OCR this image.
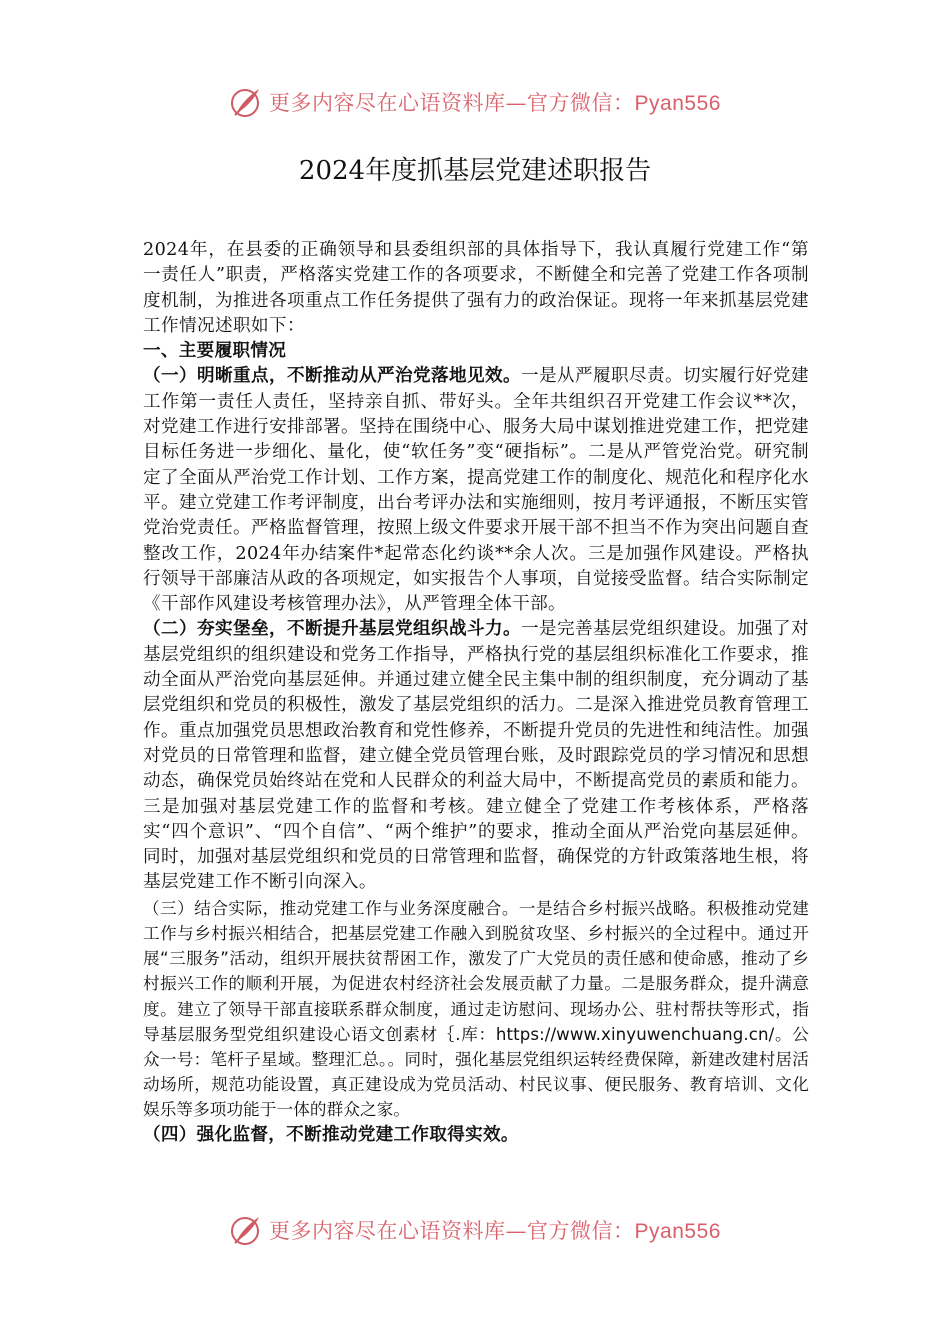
更多内容尽在心语资料库—官方微信：Pyan556
2024年度抓基层党建述职报告

2024年，在县委的正确领导和县委组织部的具体指导下，我认真履行党建工作“第一责任人”职责，严格落实党建工作的各项要求，不断健全和完善了党建工作各项制度机制，为推进各项重点工作任务提供了强有力的政治保证。现将一年来抓基层党建工作情况述职如下：

一、主要履职情况

（一）明晰重点，不断推动从严治党落地见效。一是从严履职尽责。切实履行好党建工作第一责任人责任，坚持亲自抓、带好头。全年共组织召开党建工作会议**次，对党建工作进行安排部署。坚持在围绕中心、服务大局中谋划推进党建工作，把党建目标任务进一步细化、量化，使“软任务”变“硬指标”。二是从严管党治党。研究制定了全面从严治党工作计划、工作方案，提高党建工作的制度化、规范化和程序化水平。建立党建工作考评制度，出台考评办法和实施细则，按月考评通报，不断压实管党治党责任。严格监督管理，按照上级文件要求开展干部不担当不作为突出问题自查整改工作，2024年办结案件*起常态化约谈**余人次。三是加强作风建设。严格执行领导干部廉洁从政的各项规定，如实报告个人事项，自觉接受监督。结合实际制定《干部作风建设考核管理办法》，从严管理全体干部。

（二）夯实堡垒，不断提升基层党组织战斗力。一是完善基层党组织建设。加强了对基层党组织的组织建设和党务工作指导，严格执行党的基层组织标准化工作要求，推动全面从严治党向基层延伸。并通过建立健全民主集中制的组织制度，充分调动了基层党组织和党员的积极性，激发了基层党组织的活力。二是深入推进党员教育管理工作。重点加强党员思想政治教育和党性修养，不断提升党员的先进性和纯洁性。加强对党员的日常管理和监督，建立健全党员管理台账，及时跟踪党员的学习情况和思想动态，确保党员始终站在党和人民群众的利益大局中，不断提高党员的素质和能力。三是加强对基层党建工作的监督和考核。建立健全了党建工作考核体系，严格落实“四个意识”、“四个自信”、“两个维护”的要求，推动全面从严治党向基层延伸。同时，加强对基层党组织和党员的日常管理和监督，确保党的方针政策落地生根，将基层党建工作不断引向深入。

（三）结合实际，推动党建工作与业务深度融合。一是结合乡村振兴战略。积极推动党建工作与乡村振兴相结合，把基层党建工作融入到脱贫攻坚、乡村振兴的全过程中。通过开展“三服务”活动，组织开展扶贫帮困工作，激发了广大党员的责任感和使命感，推动了乡村振兴工作的顺利开展，为促进农村经济社会发展贡献了力量。二是服务群众，提升满意度。建立了领导干部直接联系群众制度，通过走访慰问、现场办公、驻村帮扶等形式，指导基层服务型党组织建设心语文创素材｛.库：https://www.xinyuwenchuang.cn/。公众一号：笔杆子星域。整理汇总。。同时，强化基层党组织运转经费保障，新建改建村居活动场所，规范功能设置，真正建设成为党员活动、村民议事、便民服务、教育培训、文化娱乐等多项功能于一体的群众之家。

（四）强化监督，不断推动党建工作取得实效。

更多内容尽在心语资料库—官方微信：Pyan556
